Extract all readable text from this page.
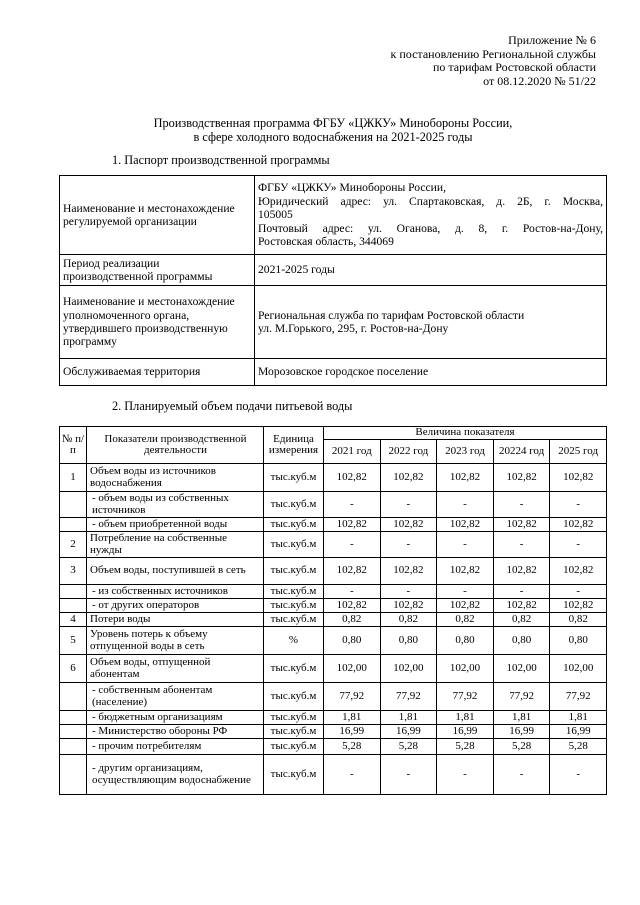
Приложение № 6
к постановлению Региональной службы
по тарифам Ростовской области
от 08.12.2020 № 51/22
Производственная программа ФГБУ «ЦЖКУ» Минобороны России,
в сфере холодного водоснабжения на 2021-2025 годы
1. Паспорт производственной программы
Наименование и местонахождение регулируемой организации	ФГБУ «ЦЖКУ» Минобороны России,
Юридический адрес: ул. Спартаковская, д. 2Б, г. Москва,
105005
Почтовый адрес: ул. Оганова, д. 8, г. Ростов-на-Дону,
Ростовская область, 344069

Период реализации производственной программы	2021-2025 годы
Наименование и местонахождение уполномоченного органа, утвердившего производственную программу	Региональная служба по тарифам Ростовской области
ул. М.Горького, 295, г. Ростов-на-Дону

Обслуживаемая территория	Морозовское городское поселение
2. Планируемый объем подачи питьевой воды
№ п/п	Показатели производственной деятельности	Единица измерения	Величина показателя				
			2021 год	2022 год	2023 год	20224 год	2025 год
1	Объем воды из источников водоснабжения	тыс.куб.м	102,82	102,82	102,82	102,82	102,82
	- объем воды из собственных источников	тыс.куб.м	-	-	-	-	-
	- объем приобретенной воды	тыс.куб.м	102,82	102,82	102,82	102,82	102,82
2	Потребление на собственные нужды	тыс.куб.м	-	-	-	-	-
3	Объем воды, поступившей в сеть	тыс.куб.м	102,82	102,82	102,82	102,82	102,82
	- из собственных источников	тыс.куб.м	-	-	-	-	-
	- от других операторов	тыс.куб.м	102,82	102,82	102,82	102,82	102,82
4	Потери воды	тыс.куб.м	0,82	0,82	0,82	0,82	0,82
5	Уровень потерь к объему отпущенной воды в сеть	%	0,80	0,80	0,80	0,80	0,80
6	Объем воды, отпущенной абонентам	тыс.куб.м	102,00	102,00	102,00	102,00	102,00
	- собственным абонентам (население)	тыс.куб.м	77,92	77,92	77,92	77,92	77,92
	- бюджетным организациям	тыс.куб.м	1,81	1,81	1,81	1,81	1,81
	- Министерство обороны РФ	тыс.куб.м	16,99	16,99	16,99	16,99	16,99
	- прочим потребителям	тыс.куб.м	5,28	5,28	5,28	5,28	5,28
	- другим организациям, осуществляющим водоснабжение	тыс.куб.м	-	-	-	-	-
